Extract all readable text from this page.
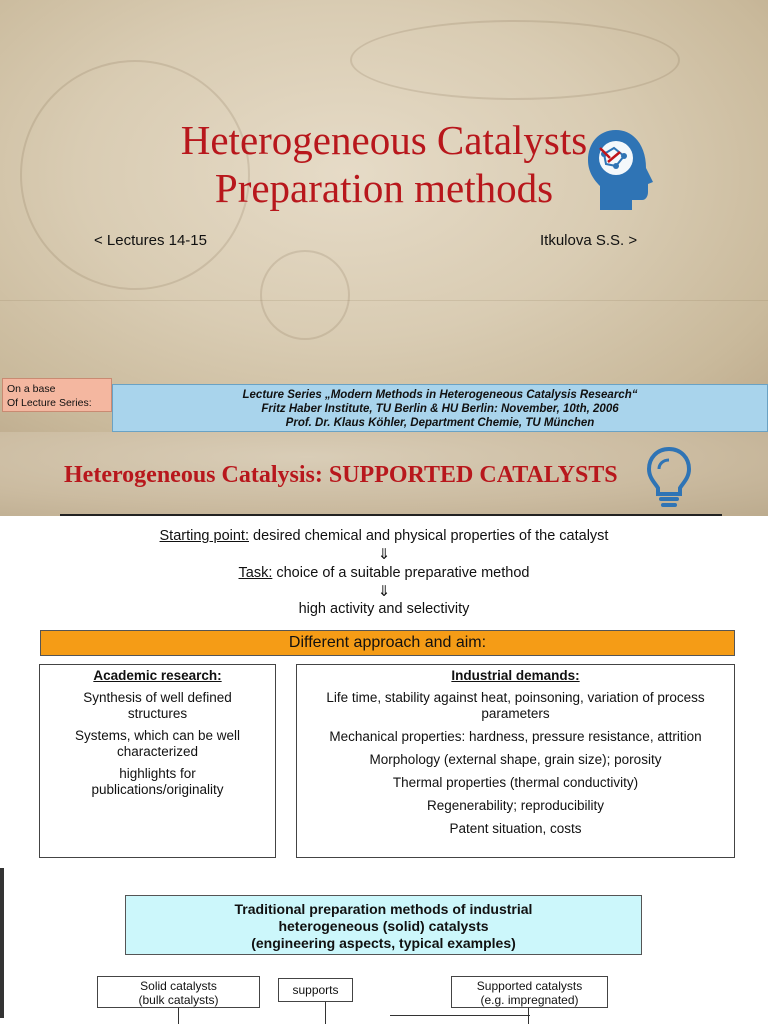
Heterogeneous Catalysts
Preparation methods
< Lectures 14-15	Itkulova S.S. >
On a base
Of Lecture Series:
Lecture Series „Modern Methods in Heterogeneous Catalysis Research“
Fritz Haber Institute, TU Berlin & HU Berlin: November, 10th, 2006
Prof. Dr. Klaus Köhler, Department Chemie, TU München
Heterogeneous Catalysis: SUPPORTED CATALYSTS
Starting point: desired chemical and physical properties of the catalyst
⇓
Task: choice of a suitable preparative method
⇓
high activity and selectivity
Different approach and aim:
Academic research:
Synthesis of well defined structures
Systems, which can be well characterized
highlights for publications/originality
Industrial demands:
Life time, stability against heat, poinsoning, variation of process parameters
Mechanical properties: hardness, pressure resistance, attrition
Morphology (external shape, grain size); porosity
Thermal properties (thermal conductivity)
Regenerability; reproducibility
Patent situation, costs
Traditional preparation methods of industrial
heterogeneous (solid) catalysts
(engineering aspects, typical examples)
Solid catalysts
(bulk catalysts)
supports	Supported catalysts
(e.g. impregnated)
